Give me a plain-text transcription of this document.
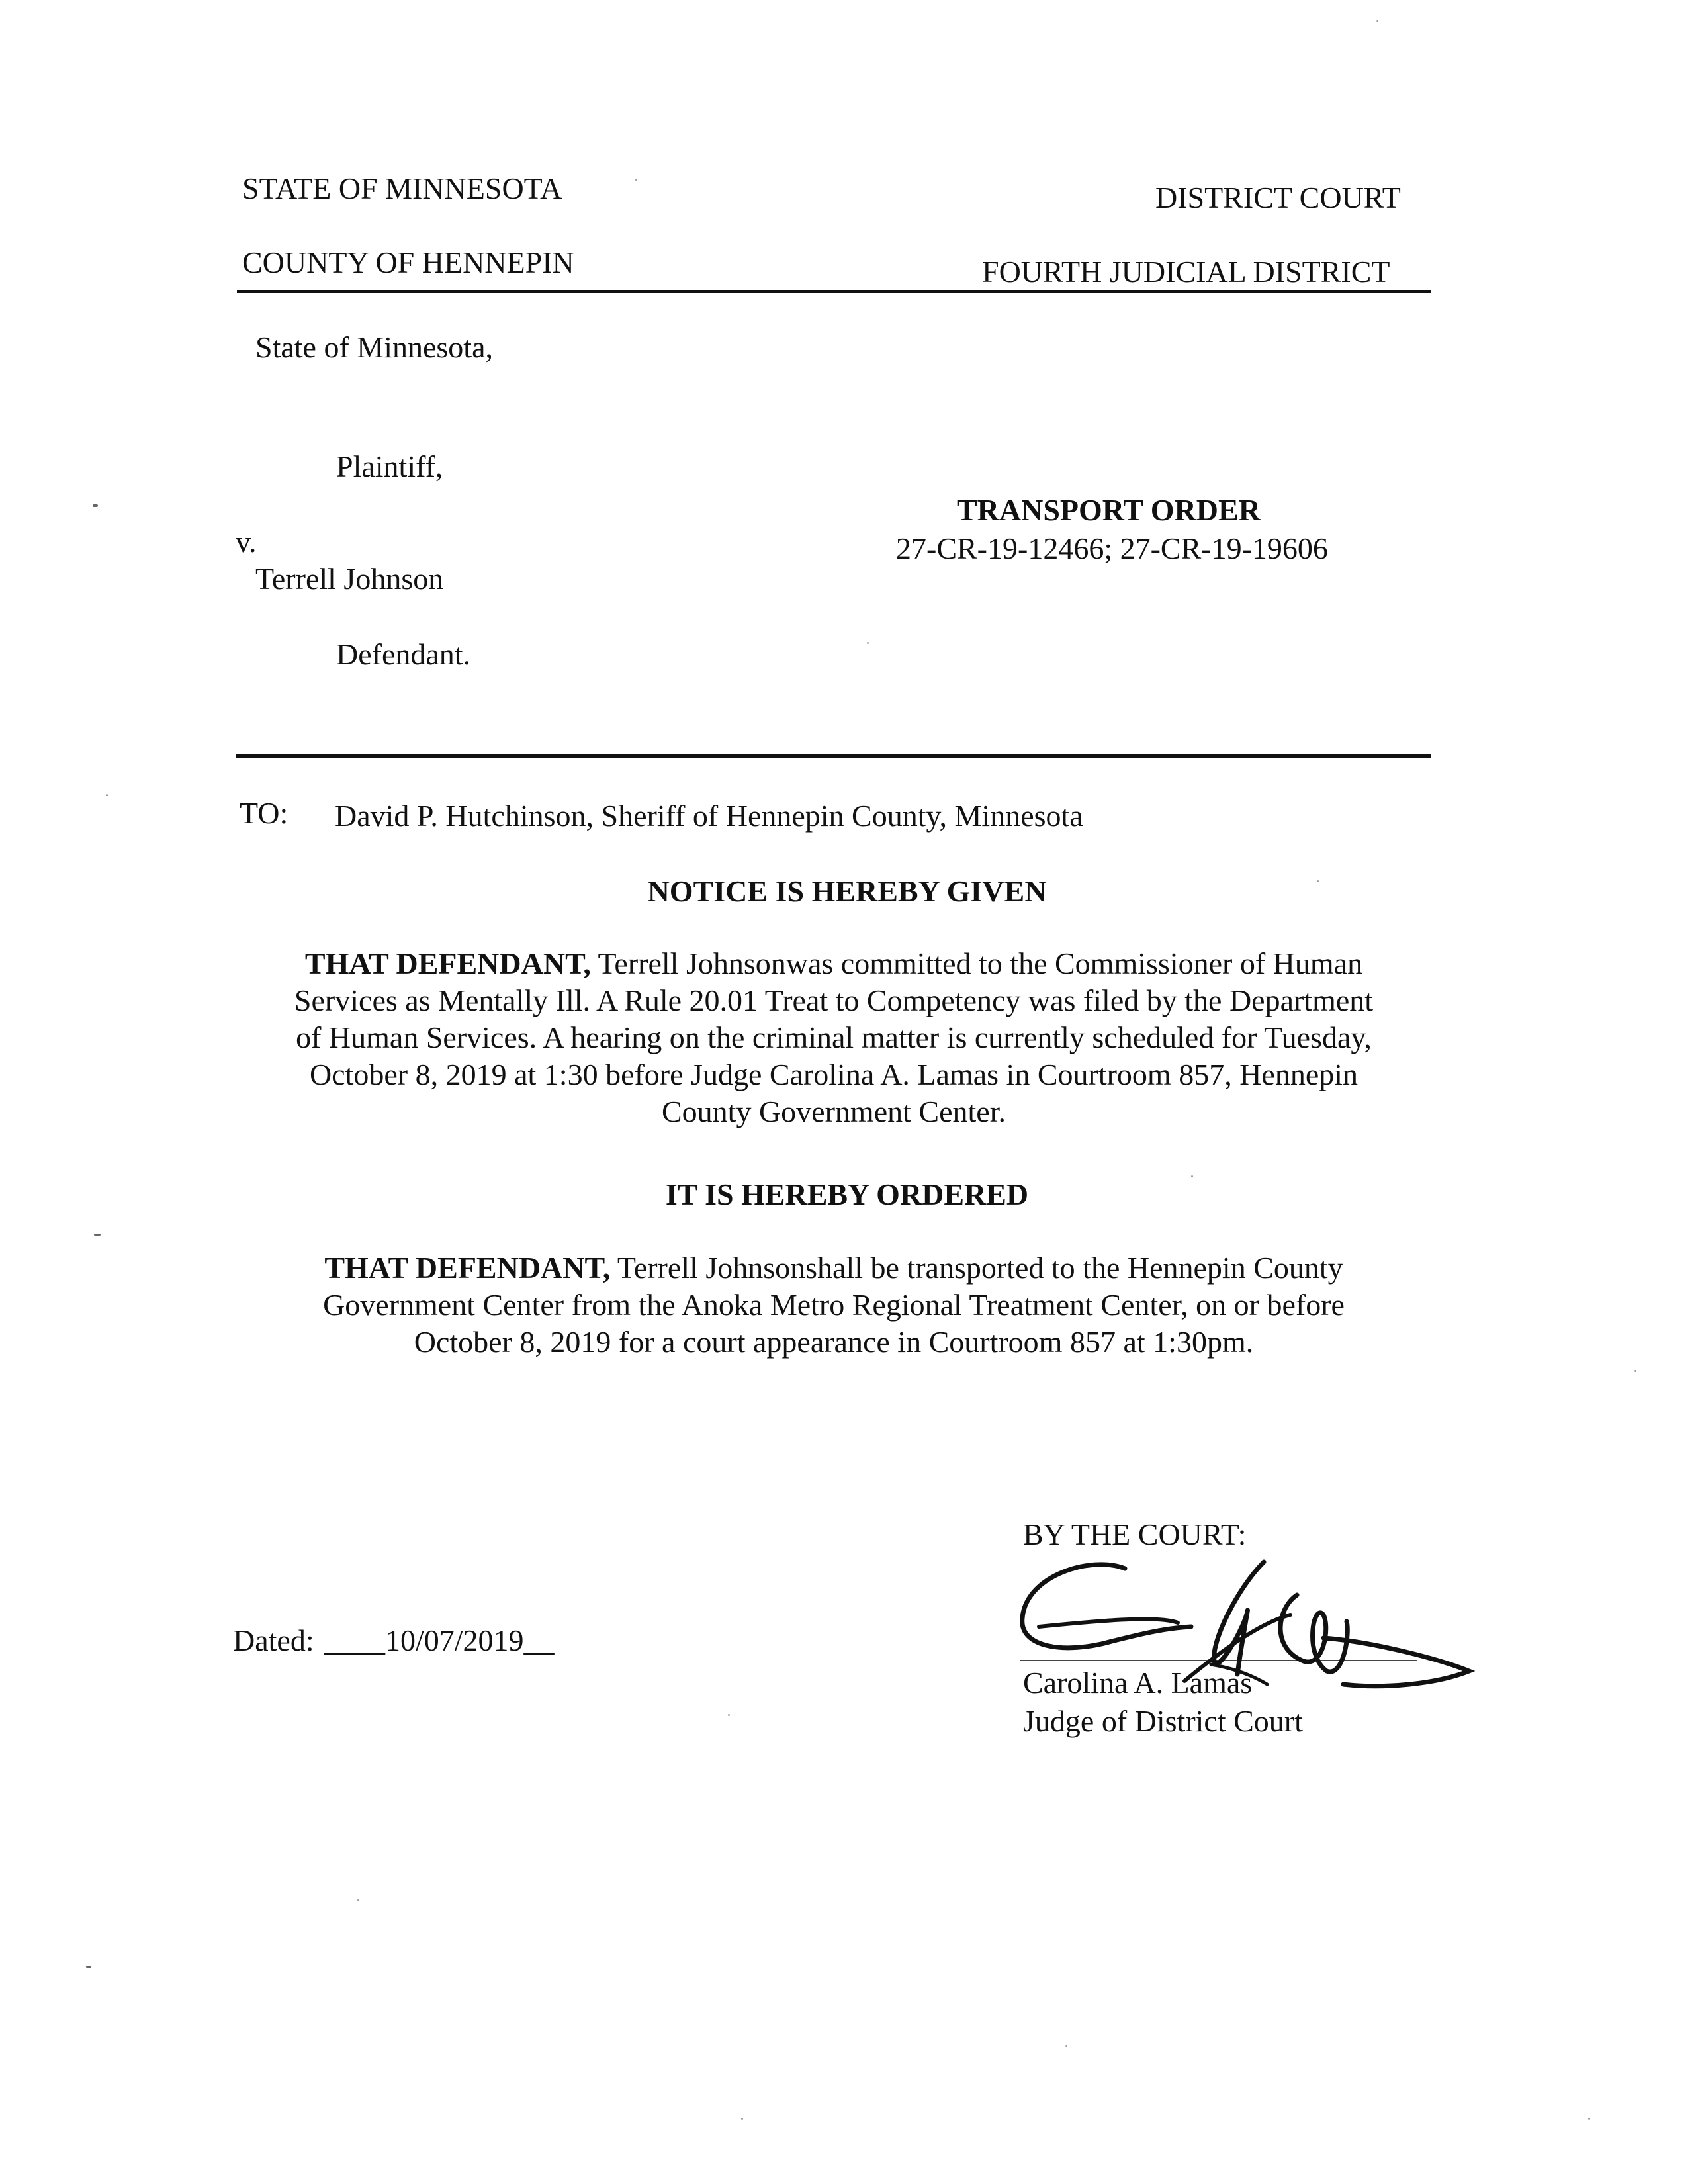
STATE OF MINNESOTA	DISTRICT COURT
COUNTY OF HENNEPIN	FOURTH JUDICIAL DISTRICT
State of Minnesota,
Plaintiff,
v.
Terrell Johnson
Defendant.
TRANSPORT ORDER
27-CR-19-12466; 27-CR-19-19606
TO: David P. Hutchinson, Sheriff of Hennepin County, Minnesota
NOTICE IS HEREBY GIVEN
THAT DEFENDANT, Terrell Johnsonwas committed to the Commissioner of Human
Services as Mentally Ill. A Rule 20.01 Treat to Competency was filed by the Department
of Human Services. A hearing on the criminal matter is currently scheduled for Tuesday,
October 8, 2019 at 1:30 before Judge Carolina A. Lamas in Courtroom 857, Hennepin
County Government Center.
IT IS HEREBY ORDERED
THAT DEFENDANT, Terrell Johnsonshall be transported to the Hennepin County
Government Center from the Anoka Metro Regional Treatment Center, on or before
October 8, 2019 for a court appearance in Courtroom 857 at 1:30pm.
BY THE COURT:
Carolina A. Lamas
Judge of District Court
Dated: ____10/07/2019__
